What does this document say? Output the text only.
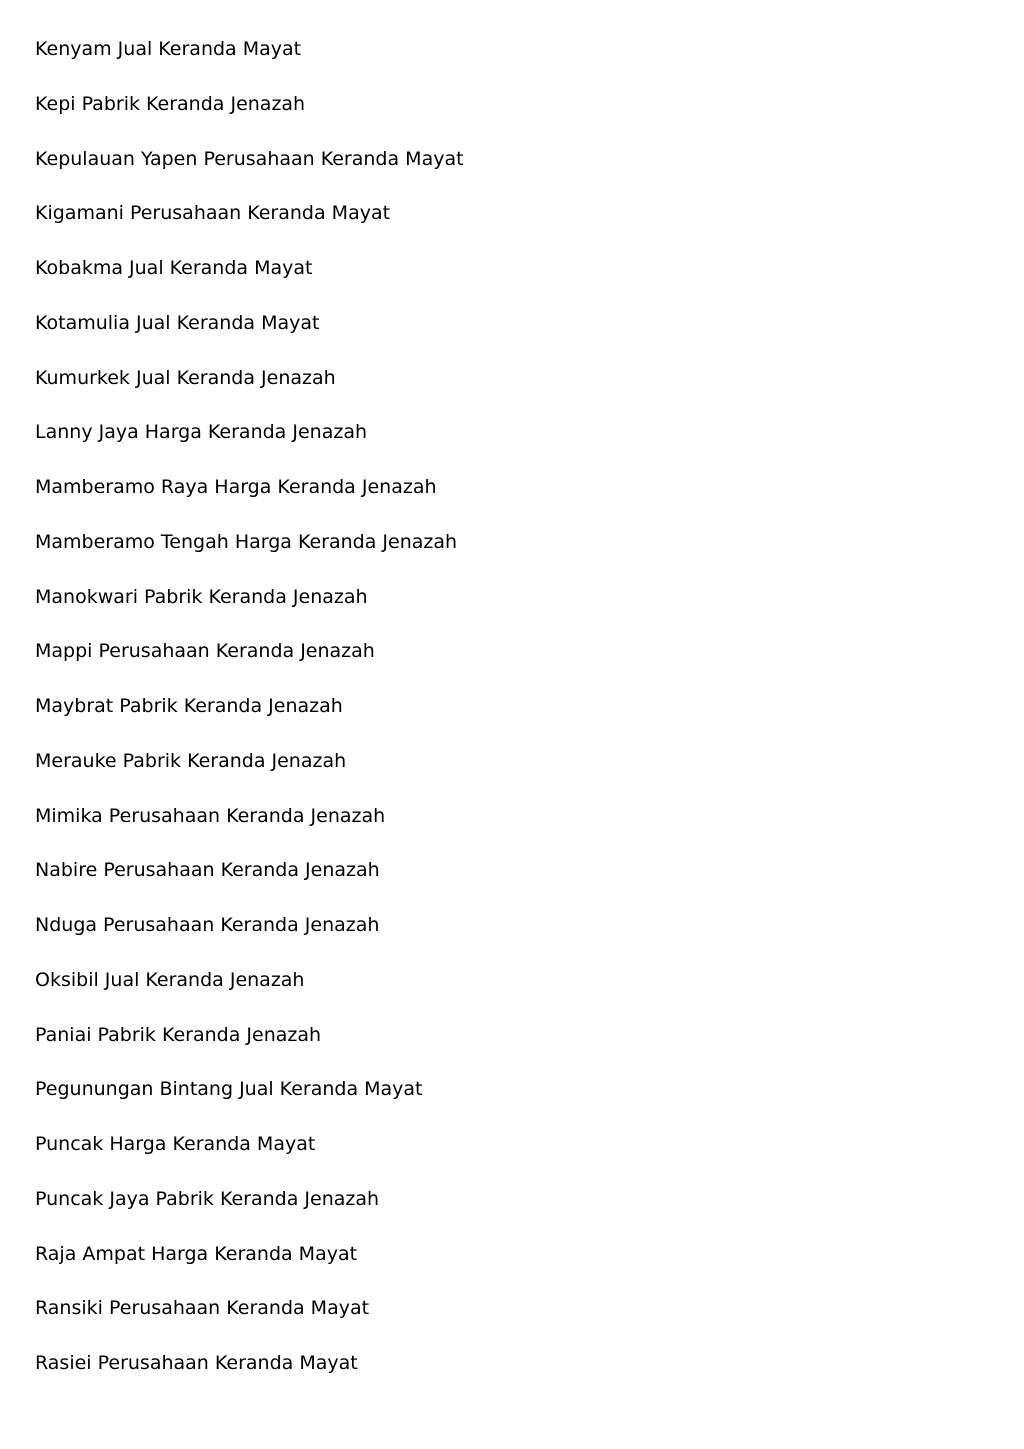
Kenyam Jual Keranda Mayat
Kepi Pabrik Keranda Jenazah
Kepulauan Yapen Perusahaan Keranda Mayat
Kigamani Perusahaan Keranda Mayat
Kobakma Jual Keranda Mayat
Kotamulia Jual Keranda Mayat
Kumurkek Jual Keranda Jenazah
Lanny Jaya Harga Keranda Jenazah
Mamberamo Raya Harga Keranda Jenazah
Mamberamo Tengah Harga Keranda Jenazah
Manokwari Pabrik Keranda Jenazah
Mappi Perusahaan Keranda Jenazah
Maybrat Pabrik Keranda Jenazah
Merauke Pabrik Keranda Jenazah
Mimika Perusahaan Keranda Jenazah
Nabire Perusahaan Keranda Jenazah
Nduga Perusahaan Keranda Jenazah
Oksibil Jual Keranda Jenazah
Paniai Pabrik Keranda Jenazah
Pegunungan Bintang Jual Keranda Mayat
Puncak Harga Keranda Mayat
Puncak Jaya Pabrik Keranda Jenazah
Raja Ampat Harga Keranda Mayat
Ransiki Perusahaan Keranda Mayat
Rasiei Perusahaan Keranda Mayat
